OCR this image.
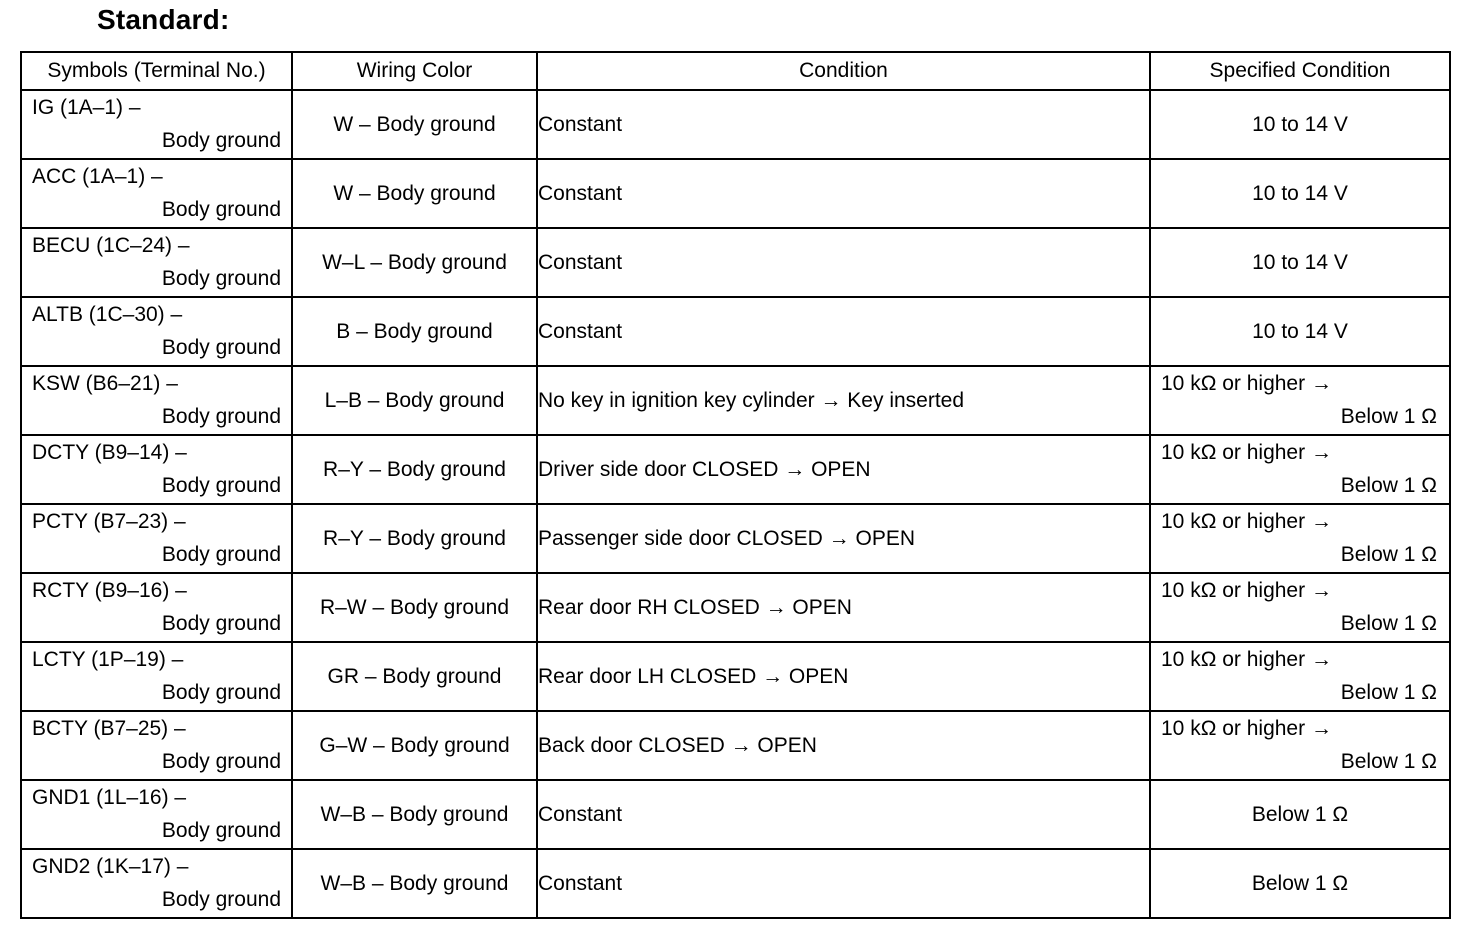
Standard:
Symbols (Terminal No.)	Wiring Color	Condition	Specified Condition

IG (1A–1) –
Body ground	W – Body ground	Constant	10 to 14 V

ACC (1A–1) –
Body ground	W – Body ground	Constant	10 to 14 V

BECU (1C–24) –
Body ground	W–L – Body ground	Constant	10 to 14 V

ALTB (1C–30) –
Body ground	B – Body ground	Constant	10 to 14 V

KSW (B6–21) –
Body ground	L–B – Body ground	No key in ignition key cylinder → Key inserted	10 kΩ or higher →
Below 1 Ω

DCTY (B9–14) –
Body ground	R–Y – Body ground	Driver side door CLOSED → OPEN	10 kΩ or higher →
Below 1 Ω

PCTY (B7–23) –
Body ground	R–Y – Body ground	Passenger side door CLOSED → OPEN	10 kΩ or higher →
Below 1 Ω

RCTY (B9–16) –
Body ground	R–W – Body ground	Rear door RH CLOSED → OPEN	10 kΩ or higher →
Below 1 Ω

LCTY (1P–19) –
Body ground	GR – Body ground	Rear door LH CLOSED → OPEN	10 kΩ or higher →
Below 1 Ω

BCTY (B7–25) –
Body ground	G–W – Body ground	Back door CLOSED → OPEN	10 kΩ or higher →
Below 1 Ω

GND1 (1L–16) –
Body ground	W–B – Body ground	Constant	Below 1 Ω

GND2 (1K–17) –
Body ground	W–B – Body ground	Constant	Below 1 Ω
